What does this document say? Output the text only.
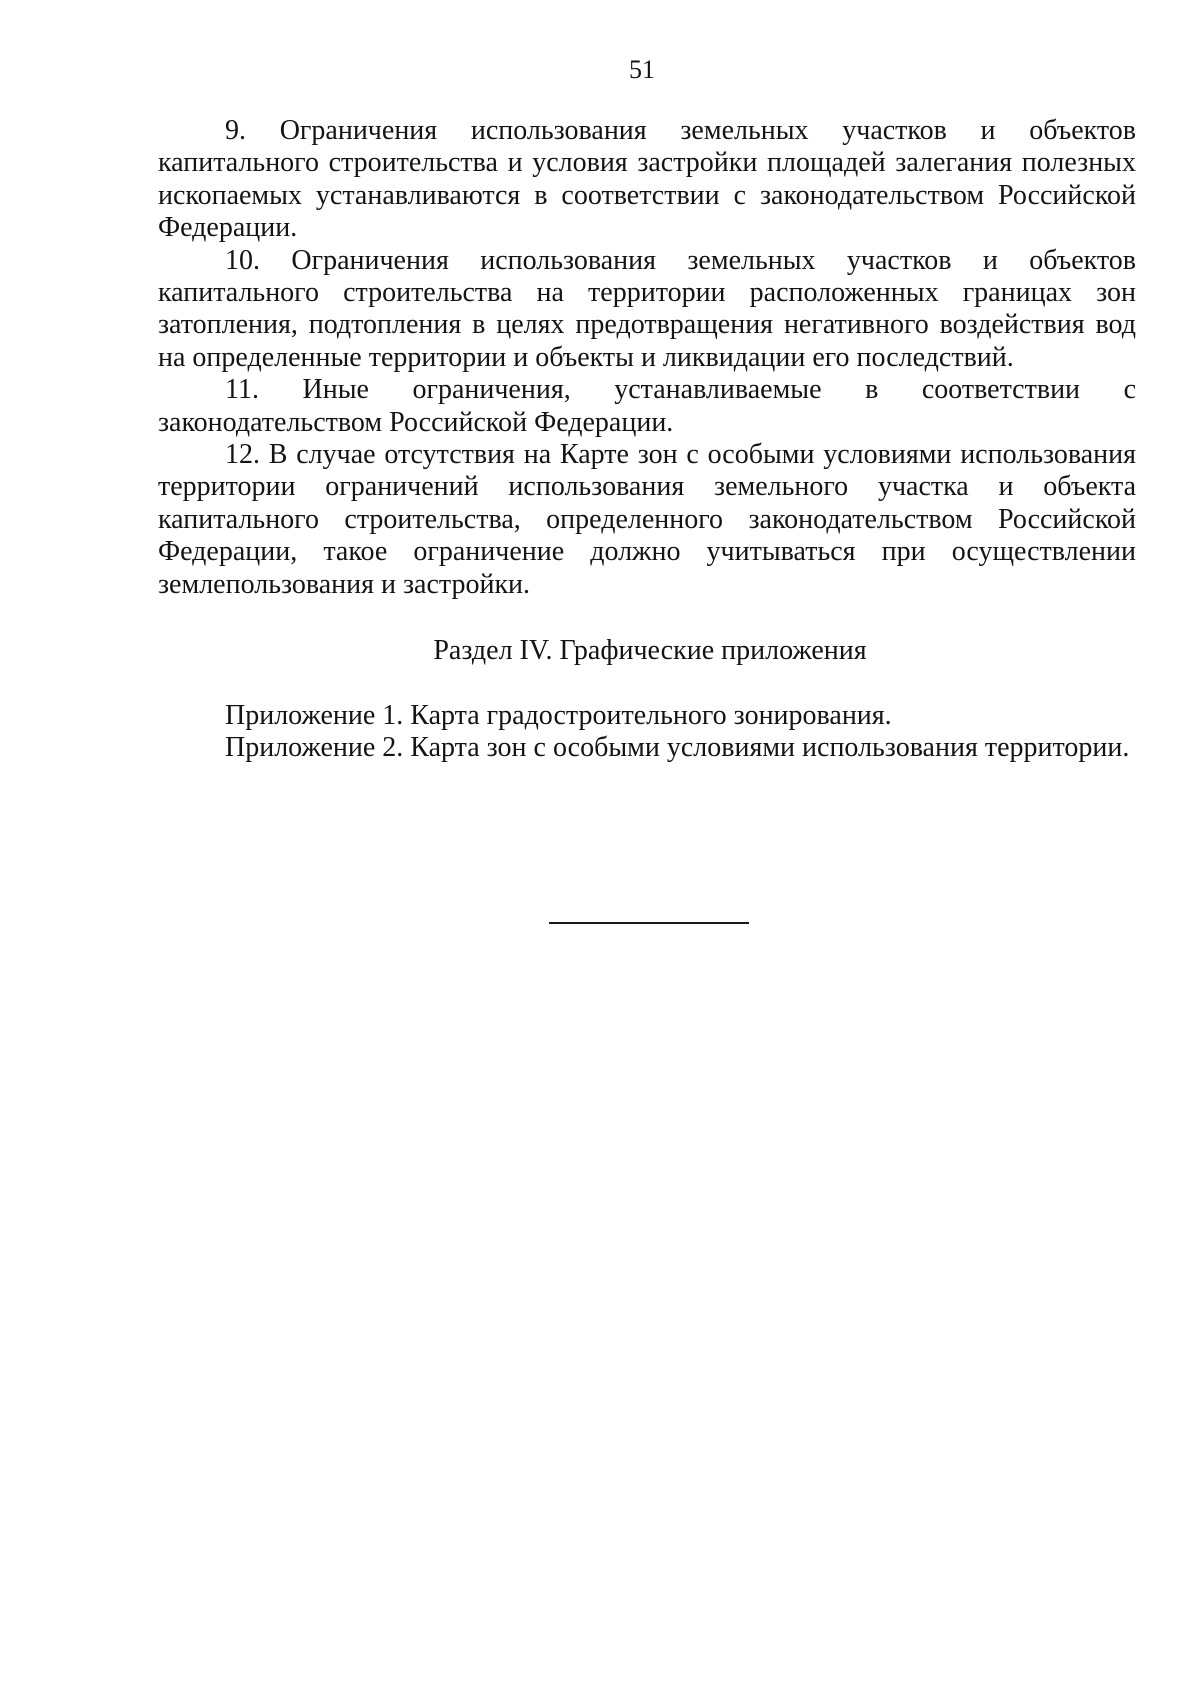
51

9. Ограничения использования земельных участков и объектов капитального строительства и условия застройки площадей залегания полезных ископаемых устанавливаются в соответствии с законодательством Российской Федерации.

10. Ограничения использования земельных участков и объектов капитального строительства на территории расположенных границах зон затопления, подтопления в целях предотвращения негативного воздействия вод на определенные территории и объекты и ликвидации его последствий.

11. Иные ограничения, устанавливаемые в соответствии с законодательством Российской Федерации.

12. В случае отсутствия на Карте зон с особыми условиями использования территории ограничений использования земельного участка и объекта капитального строительства, определенного законодательством Российской Федерации, такое ограничение должно учитываться при осуществлении землепользования и застройки.

Раздел IV. Графические приложения

Приложение 1. Карта градостроительного зонирования.

Приложение 2. Карта зон с особыми условиями использования территории.
